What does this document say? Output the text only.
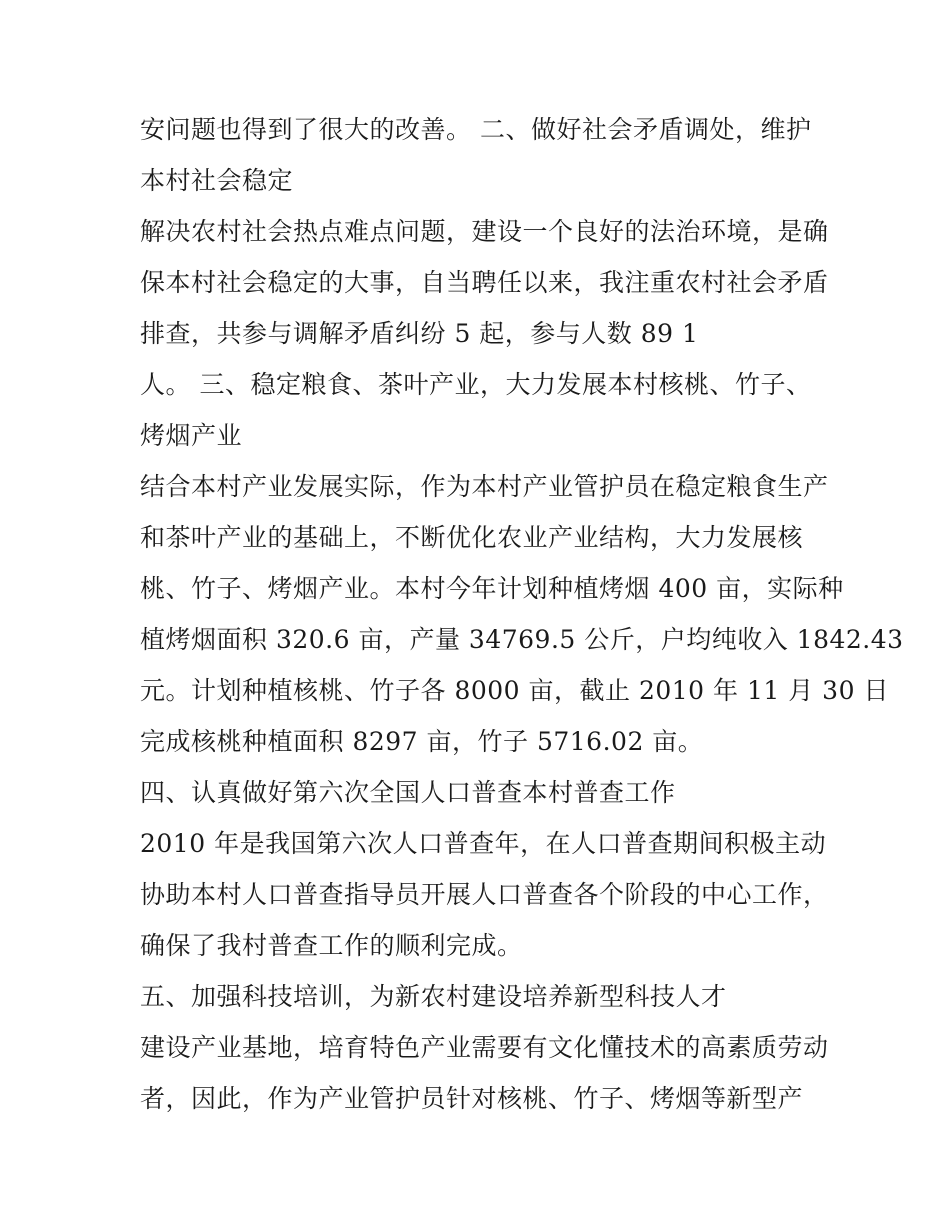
安问题也得到了很大的改善。 二、做好社会矛盾调处，维护
本村社会稳定
解决农村社会热点难点问题，建设一个良好的法治环境，是确
保本村社会稳定的大事，自当聘任以来，我注重农村社会矛盾
排查，共参与调解矛盾纠纷 5 起，参与人数 89 1
人。 三、稳定粮食、茶叶产业，大力发展本村核桃、竹子、
烤烟产业
结合本村产业发展实际，作为本村产业管护员在稳定粮食生产
和茶叶产业的基础上，不断优化农业产业结构，大力发展核
桃、竹子、烤烟产业。本村今年计划种植烤烟 400 亩，实际种
植烤烟面积 320.6 亩，产量 34769.5 公斤，户均纯收入 1842.43
元。计划种植核桃、竹子各 8000 亩，截止 2010 年 11 月 30 日
完成核桃种植面积 8297 亩，竹子 5716.02 亩。
四、认真做好第六次全国人口普查本村普查工作
2010 年是我国第六次人口普查年，在人口普查期间积极主动
协助本村人口普查指导员开展人口普查各个阶段的中心工作，
确保了我村普查工作的顺利完成。
五、加强科技培训，为新农村建设培养新型科技人才
建设产业基地，培育特色产业需要有文化懂技术的高素质劳动
者，因此，作为产业管护员针对核桃、竹子、烤烟等新型产
